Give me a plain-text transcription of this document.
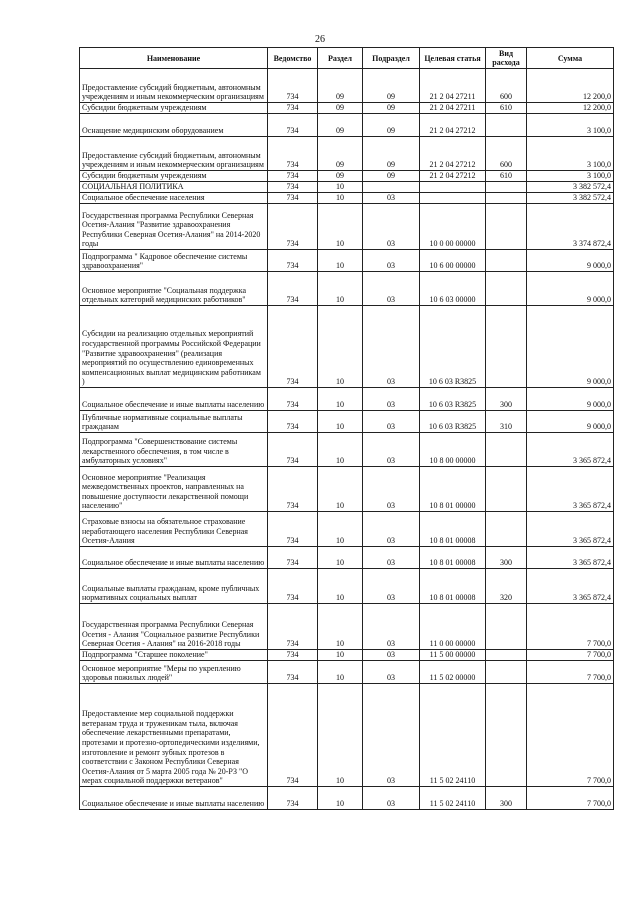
26
Наименование	Ведомство	Раздел	Подраздел	Целевая статья	Вид расхода	Сумма
Предоставление субсидий бюджетным, автономным учреждениям и иным некоммерческим организациям	734	09	09	21 2 04 27211	600	12 200,0
Субсидии бюджетным учреждениям	734	09	09	21 2 04 27211	610	12 200,0
Оснащение медицинским оборудованием	734	09	09	21 2 04 27212		3 100,0
Предоставление субсидий бюджетным, автономным учреждениям и иным некоммерческим организациям	734	09	09	21 2 04 27212	600	3 100,0
Субсидии бюджетным учреждениям	734	09	09	21 2 04 27212	610	3 100,0
СОЦИАЛЬНАЯ ПОЛИТИКА	734	10				3 382 572,4
Социальное обеспечение населения	734	10	03			3 382 572,4
Государственная программа Республики Северная Осетия-Алания "Развитие здравоохранения Республики Северная Осетия-Алания" на 2014-2020 годы	734	10	03	10 0 00 00000		3 374 872,4
Подпрограмма " Кадровое обеспечение системы здравоохранения"	734	10	03	10 6 00 00000		9 000,0
Основное мероприятие "Социальная поддержка отдельных категорий медицинских работников"	734	10	03	10 6 03 00000		9 000,0
Субсидии на реализацию отдельных мероприятий государственной программы Российской Федерации "Развитие здравоохранения" (реализация мероприятий по осуществлению единовременных компенсационных выплат медицинским работникам )	734	10	03	10 6 03 R3825		9 000,0
Социальное обеспечение и иные выплаты населению	734	10	03	10 6 03 R3825	300	9 000,0
Публичные нормативные социальные выплаты гражданам	734	10	03	10 6 03 R3825	310	9 000,0
Подпрограмма "Совершенствование системы лекарственного обеспечения, в том числе в амбулаторных условиях"	734	10	03	10 8 00 00000		3 365 872,4
Основное мероприятие "Реализация межведомственных проектов, направленных на повышение доступности лекарственной помощи населению"	734	10	03	10 8 01 00000		3 365 872,4
Страховые взносы на обязательное страхование неработающего населения Республики Северная Осетия-Алания	734	10	03	10 8 01 00008		3 365 872,4
Социальное обеспечение и иные выплаты населению	734	10	03	10 8 01 00008	300	3 365 872,4
Социальные выплаты гражданам, кроме публичных нормативных социальных выплат	734	10	03	10 8 01 00008	320	3 365 872,4
Государственная программа Республики Северная Осетия - Алания "Социальное развитие Республики Северная Осетия - Алания" на 2016-2018 годы	734	10	03	11 0 00 00000		7 700,0
Подпрограмма "Старшее поколение"	734	10	03	11 5 00 00000		7 700,0
Основное мероприятие "Меры по укреплению здоровья пожилых людей"	734	10	03	11 5 02 00000		7 700,0
Предоставление мер социальной поддержки ветеранам труда и труженикам тыла, включая обеспечение лекарственными препаратами, протезами и протезно-ортопедическими изделиями, изготовление и ремонт зубных протезов в соответствии с Законом Республики Северная Осетия-Алания от 5 марта 2005 года № 20-РЗ "О мерах социальной поддержки ветеранов"	734	10	03	11 5 02 24110		7 700,0
Социальное обеспечение и иные выплаты населению	734	10	03	11 5 02 24110	300	7 700,0
